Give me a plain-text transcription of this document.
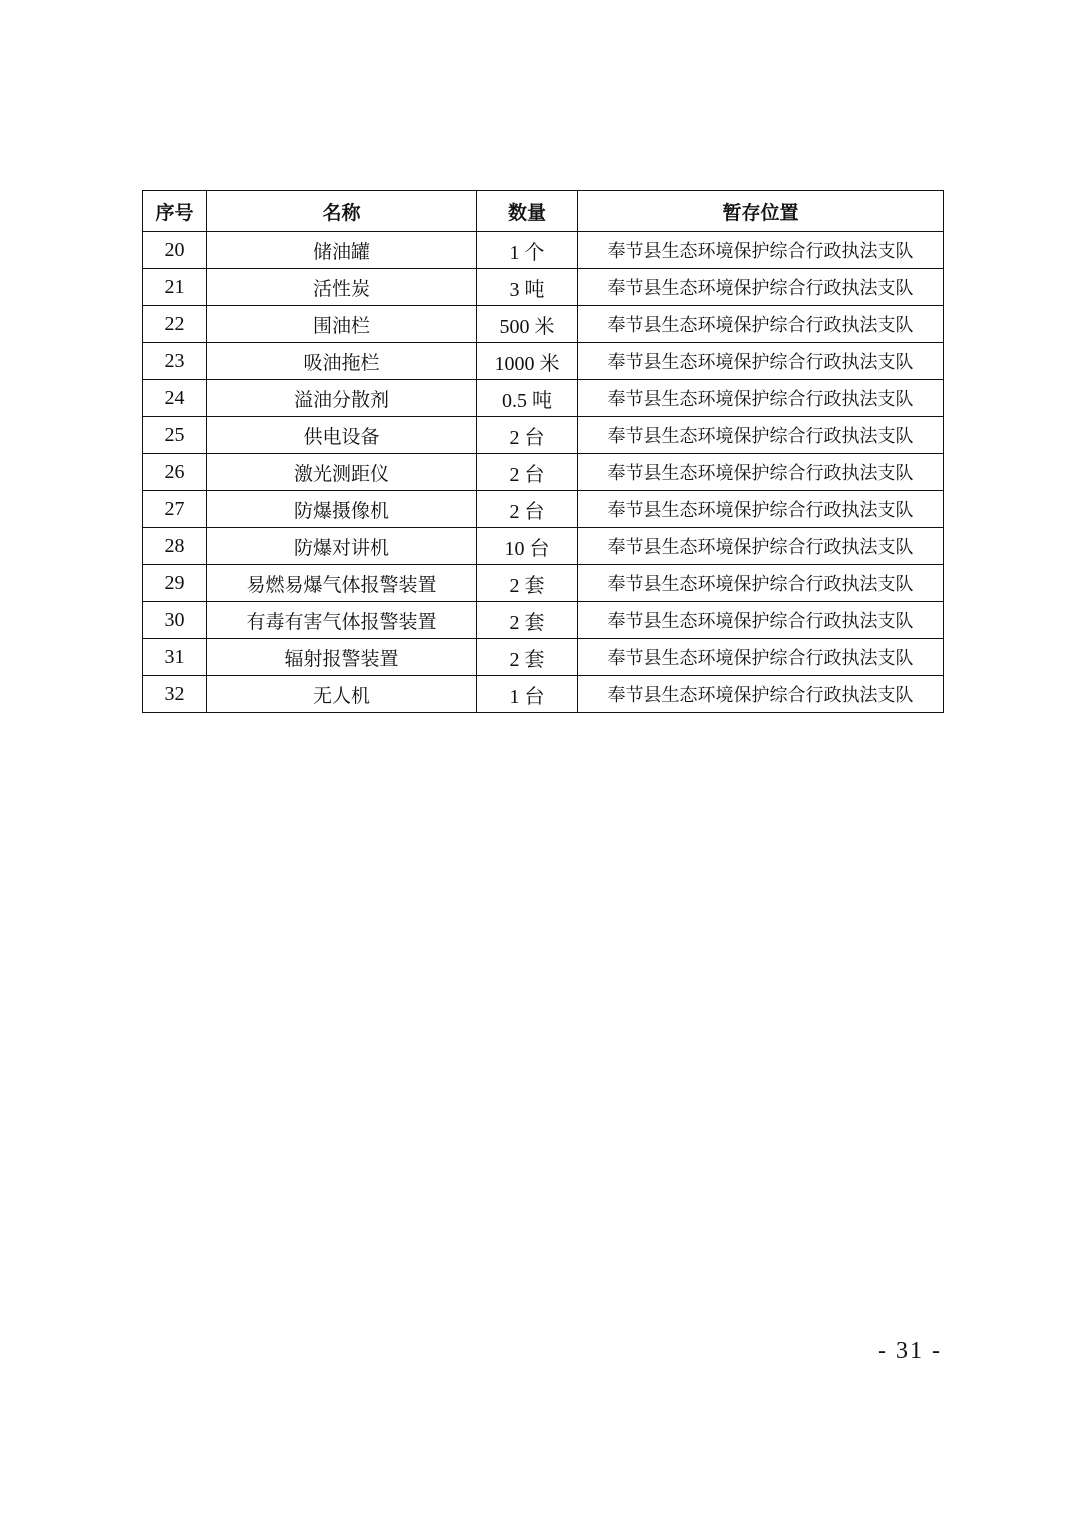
序号	名称	数量	暂存位置
20	储油罐	1 个	奉节县生态环境保护综合行政执法支队
21	活性炭	3 吨	奉节县生态环境保护综合行政执法支队
22	围油栏	500 米	奉节县生态环境保护综合行政执法支队
23	吸油拖栏	1000 米	奉节县生态环境保护综合行政执法支队
24	溢油分散剂	0.5 吨	奉节县生态环境保护综合行政执法支队
25	供电设备	2 台	奉节县生态环境保护综合行政执法支队
26	激光测距仪	2 台	奉节县生态环境保护综合行政执法支队
27	防爆摄像机	2 台	奉节县生态环境保护综合行政执法支队
28	防爆对讲机	10 台	奉节县生态环境保护综合行政执法支队
29	易燃易爆气体报警装置	2 套	奉节县生态环境保护综合行政执法支队
30	有毒有害气体报警装置	2 套	奉节县生态环境保护综合行政执法支队
31	辐射报警装置	2 套	奉节县生态环境保护综合行政执法支队
32	无人机	1 台	奉节县生态环境保护综合行政执法支队
- 31 -
